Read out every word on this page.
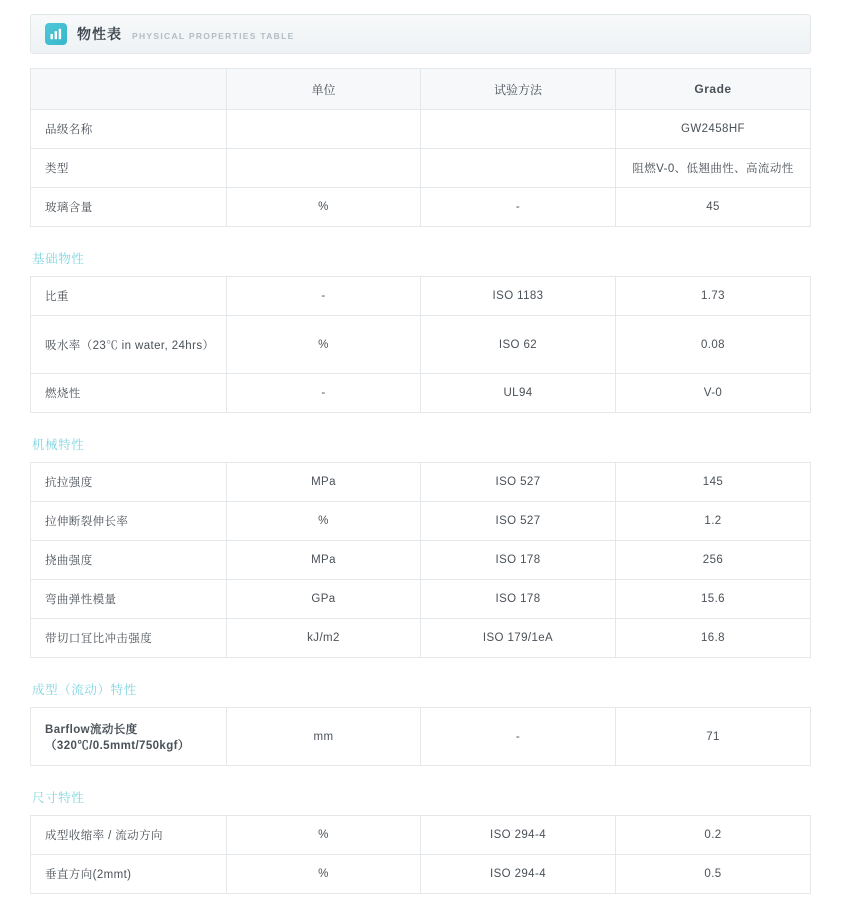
物性表 PHYSICAL PROPERTIES TABLE
	单位	试验方法	Grade
品级名称			GW2458HF
类型			阻燃V-0、低翘曲性、高流动性
玻璃含量	%	-	45
基础物性
比重	-	ISO 1183	1.73
吸水率（23℃ in water, 24hrs）	%	ISO 62	0.08
燃烧性	-	UL94	V-0
机械特性
抗拉强度	MPa	ISO 527	145
拉伸断裂伸长率	%	ISO 527	1.2
挠曲强度	MPa	ISO 178	256
弯曲弹性模量	GPa	ISO 178	15.6
带切口冝比冲击强度	kJ/m2	ISO 179/1eA	16.8
成型（流动）特性
Barflow流动长度（320℃/0.5mmt/750kgf）	mm	-	71
尺寸特性
成型收缩率 / 流动方向	%	ISO 294-4	0.2
垂直方向(2mmt)	%	ISO 294-4	0.5
